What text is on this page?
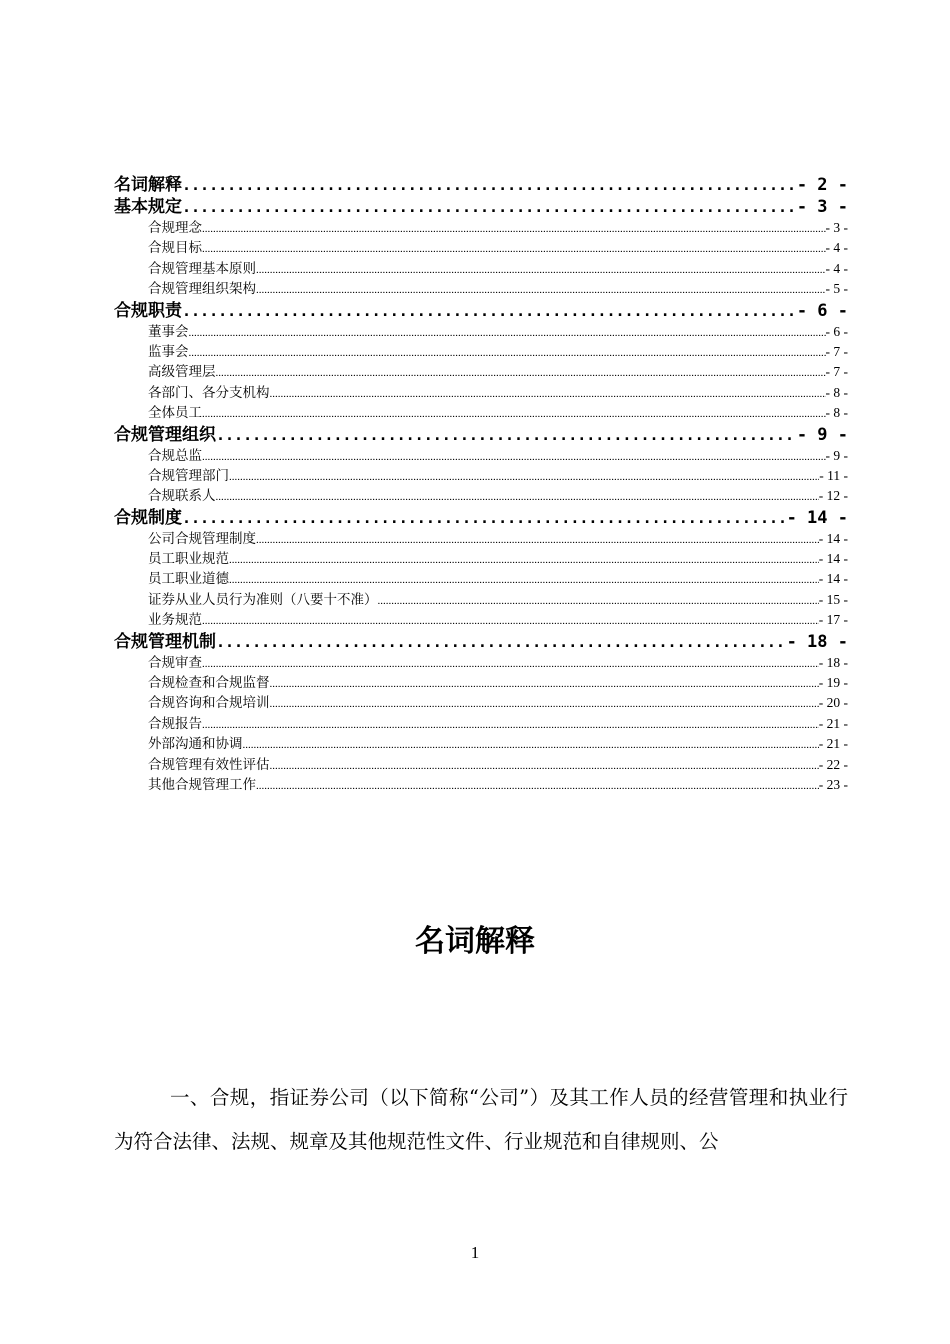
名词解释 .....	- 2 -
基本规定 .....	- 3 -
合规理念 .....	- 3 -
合规目标 .....	- 4 -
合规管理基本原则 .....	- 4 -
合规管理组织架构 .....	- 5 -
合规职责 .....	- 6 -
董事会 .....	- 6 -
监事会 .....	- 7 -
高级管理层 .....	- 7 -
各部门、各分支机构 .....	- 8 -
全体员工 .....	- 8 -
合规管理组织 .....	- 9 -
合规总监 .....	- 9 -
合规管理部门 .....	- 11 -
合规联系人 .....	- 12 -
合规制度 .....	- 14 -
公司合规管理制度 .....	- 14 -
员工职业规范 .....	- 14 -
员工职业道德 .....	- 14 -
证券从业人员行为准则（八要十不准） .....	- 15 -
业务规范 .....	- 17 -
合规管理机制 .....	- 18 -
合规审查 .....	- 18 -
合规检查和合规监督 .....	- 19 -
合规咨询和合规培训 .....	- 20 -
合规报告 .....	- 21 -
外部沟通和协调 .....	- 21 -
合规管理有效性评估 .....	- 22 -
其他合规管理工作 .....	- 23 -
名词解释
一、合规，指证券公司（以下简称“公司”）及其工作人员的经营管理和执业行为符合法律、法规、规章及其他规范性文件、行业规范和自律规则、公
1
